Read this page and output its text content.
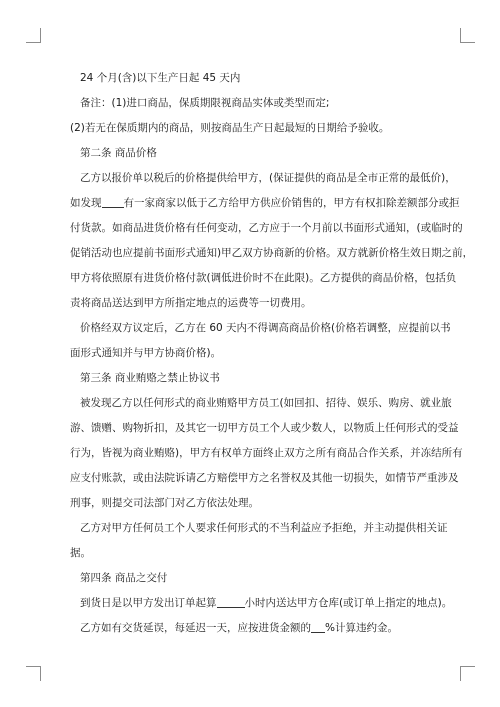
24 个月(含)以下生产日起 45 天内

备注：(1)进口商品，保质期限视商品实体或类型而定;

(2)若无在保质期内的商品，则按商品生产日起最短的日期给予验收。

第二条 商品价格

乙方以报价单以税后的价格提供给甲方，(保证提供的商品是全市正常的最低价)，

如发现 有一家商家以低于乙方给甲方供应价销售的，甲方有权扣除差额部分或拒

付货款。如商品进货价格有任何变动，乙方应于一个月前以书面形式通知，(或临时的

促销活动也应提前书面形式通知)甲乙双方协商新的价格。双方就新价格生效日期之前，

甲方将依照原有进货价格付款(调低进价时不在此限)。乙方提供的商品价格，包括负

责将商品送达到甲方所指定地点的运费等一切费用。

价格经双方议定后，乙方在 60 天内不得调高商品价格(价格若调整，应提前以书

面形式通知并与甲方协商价格)。

第三条 商业贿赂之禁止协议书

被发现乙方以任何形式的商业贿赂甲方员工(如回扣、招待、娱乐、购房、就业旅

游、馈赠、购物折扣，及其它一切甲方员工个人或少数人，以物质上任何形式的受益

行为，皆视为商业贿赂)，甲方有权单方面终止双方之所有商品合作关系，并冻结所有

应支付账款，或由法院诉请乙方赔偿甲方之名誉权及其他一切损失，如情节严重涉及

刑事，则提交司法部门对乙方依法处理。

乙方对甲方任何员工个人要求任何形式的不当利益应予拒绝，并主动提供相关证

据。

第四条 商品之交付

到货日是以甲方发出订单起算	小时内送达甲方仓库(或订单上指定的地点)。

乙方如有交货延误，每延迟一天，应按进货金额的 %计算违约金。
